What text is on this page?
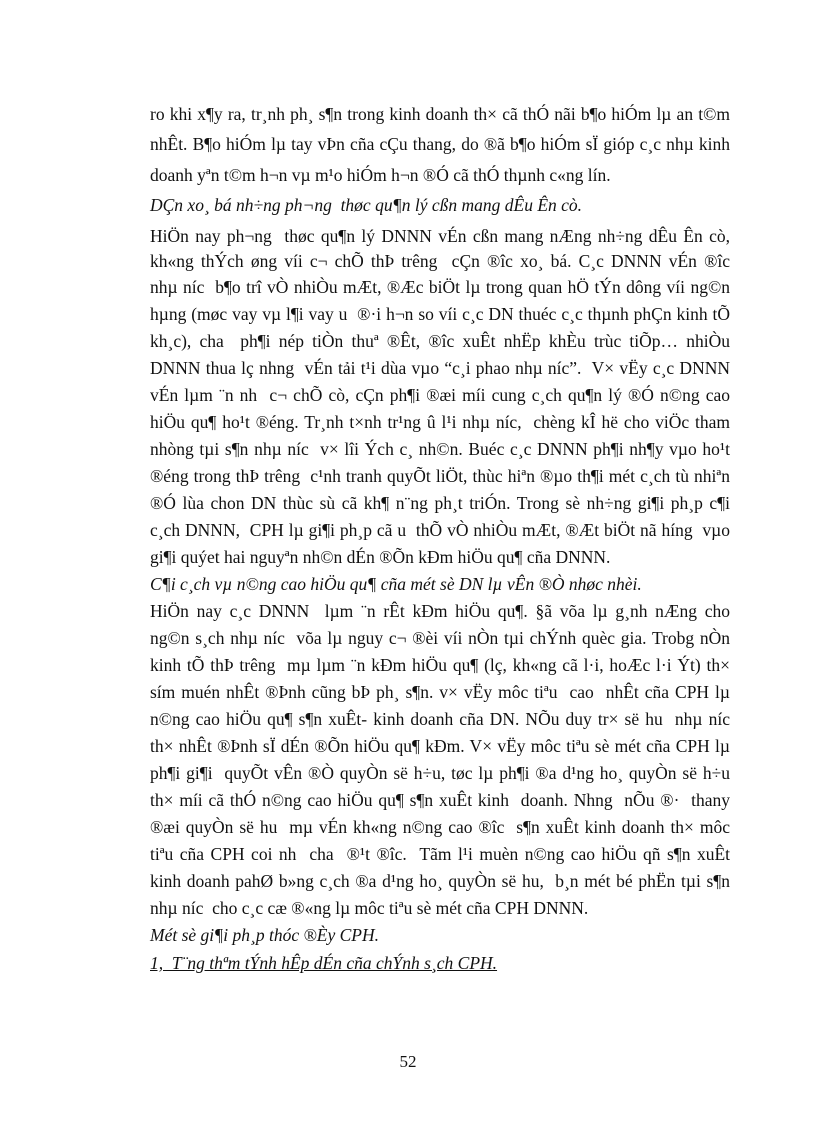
ro khi x¶y ra, tr¸nh ph¸ s¶n trong kinh doanh th× cã thÓ nãi b¶o hiÓm lµ an t©m
nhÊt. B¶o hiÓm lµ tay vÞn cña cÇu thang, do ®ã b¶o hiÓm sÏ gióp c¸c nhµ kinh
doanh yªn t©m h¬n vµ m¹o hiÓm h¬n ®Ó cã thÓ thµnh c«ng lín.
DÇn xo¸ bá nh÷ng ph¬ng  thøc qu¶n lý cßn mang dÊu Ên cò.
HiÖn nay ph¬ng  thøc qu¶n lý DNNN vÉn cßn mang nÆng nh÷ng dÊu Ên cò,
kh«ng thÝch øng víi c¬ chÕ thÞ trêng  cÇn ®îc xo¸ bá. C¸c DNNN vÉn ®îc
nhµ níc  b¶o trî vÒ nhiÒu mÆt, ®Æc biÖt lµ trong quan hÖ tÝn dông víi ng©n
hµng (møc vay vµ l¶i vay u  ®·i h¬n so víi c¸c DN thuéc c¸c thµnh phÇn kinh tÕ
kh¸c), cha  ph¶i nép tiÒn thuª ®Êt, ®îc xuÊt nhËp khÈu trùc tiÕp… nhiÒu
DNNN thua lç nhng  vÉn tải t¹i dùa vµo “c¸i phao nhµ níc”.  V× vËy c¸c DNNN
vÉn lµm ¨n nh  c¬ chÕ cò, cÇn ph¶i ®æi míi cung c¸ch qu¶n lý ®Ó n©ng cao
hiÖu qu¶ ho¹t ®éng. Tr¸nh t×nh tr¹ng û l¹i nhµ níc,  chèng kÎ hë cho viÖc tham
nhòng tµi s¶n nhµ níc  v× lîi Ých c¸ nh©n. Buéc c¸c DNNN ph¶i nh¶y vµo ho¹t
®éng trong thÞ trêng  c¹nh tranh quyÕt liÖt, thùc hiªn ®µo th¶i mét c¸ch tù nhiªn
®Ó lùa chon DN thùc sù cã kh¶ n¨ng ph¸t triÓn. Trong sè nh÷ng gi¶i ph¸p c¶i
c¸ch DNNN,  CPH lµ gi¶i ph¸p cã u  thÕ vÒ nhiÒu mÆt, ®Æt biÖt nã híng  vµo
gi¶i quýet hai nguyªn nh©n dÉn ®Õn kÐm hiÖu qu¶ cña DNNN.
C¶i c¸ch vµ n©ng cao hiÖu qu¶ cña mét sè DN lµ vÊn ®Ò nhøc nhèi.
HiÖn nay c¸c DNNN  lµm ¨n rÊt kÐm hiÖu qu¶. §ã võa lµ g¸nh nÆng cho
ng©n s¸ch nhµ níc  võa lµ nguy c¬ ®èi víi nÒn tµi chÝnh quèc gia. Trobg nÒn
kinh tÕ thÞ trêng  mµ lµm ¨n kÐm hiÖu qu¶ (lç, kh«ng cã l·i, hoÆc l·i Ýt) th×
sím muén nhÊt ®Þnh cũng bÞ ph¸ s¶n. v× vËy môc tiªu  cao  nhÊt cña CPH lµ
n©ng cao hiÖu qu¶ s¶n xuÊt- kinh doanh cña DN. NÕu duy tr× së hu  nhµ níc
th× nhÊt ®Þnh sÏ dÉn ®Õn hiÖu qu¶ kÐm. V× vËy môc tiªu sè mét cña CPH lµ
ph¶i gi¶i  quyÕt vÊn ®Ò quyÒn së h÷u, tøc lµ ph¶i ®a d¹ng ho¸ quyÒn së h÷u
th× míi cã thÓ n©ng cao hiÖu qu¶ s¶n xuÊt kinh  doanh. Nhng  nÕu ®·  thany
®æi quyÒn së hu  mµ vÉn kh«ng n©ng cao ®îc  s¶n xuÊt kinh doanh th× môc
tiªu cña CPH coi nh  cha  ®¹t ®îc.  Tãm l¹i muèn n©ng cao hiÖu qñ s¶n xuÊt
kinh doanh pahØ b»ng c¸ch ®a d¹ng ho¸ quyÒn së hu,  b¸n mét bé phËn tµi s¶n
nhµ níc  cho c¸c cæ ®«ng lµ môc tiªu sè mét cña CPH DNNN.
Mét sè gi¶i ph¸p thóc ®Èy CPH.
1,  T¨ng thªm tÝnh hÊp dÉn cña chÝnh s¸ch CPH.
52
